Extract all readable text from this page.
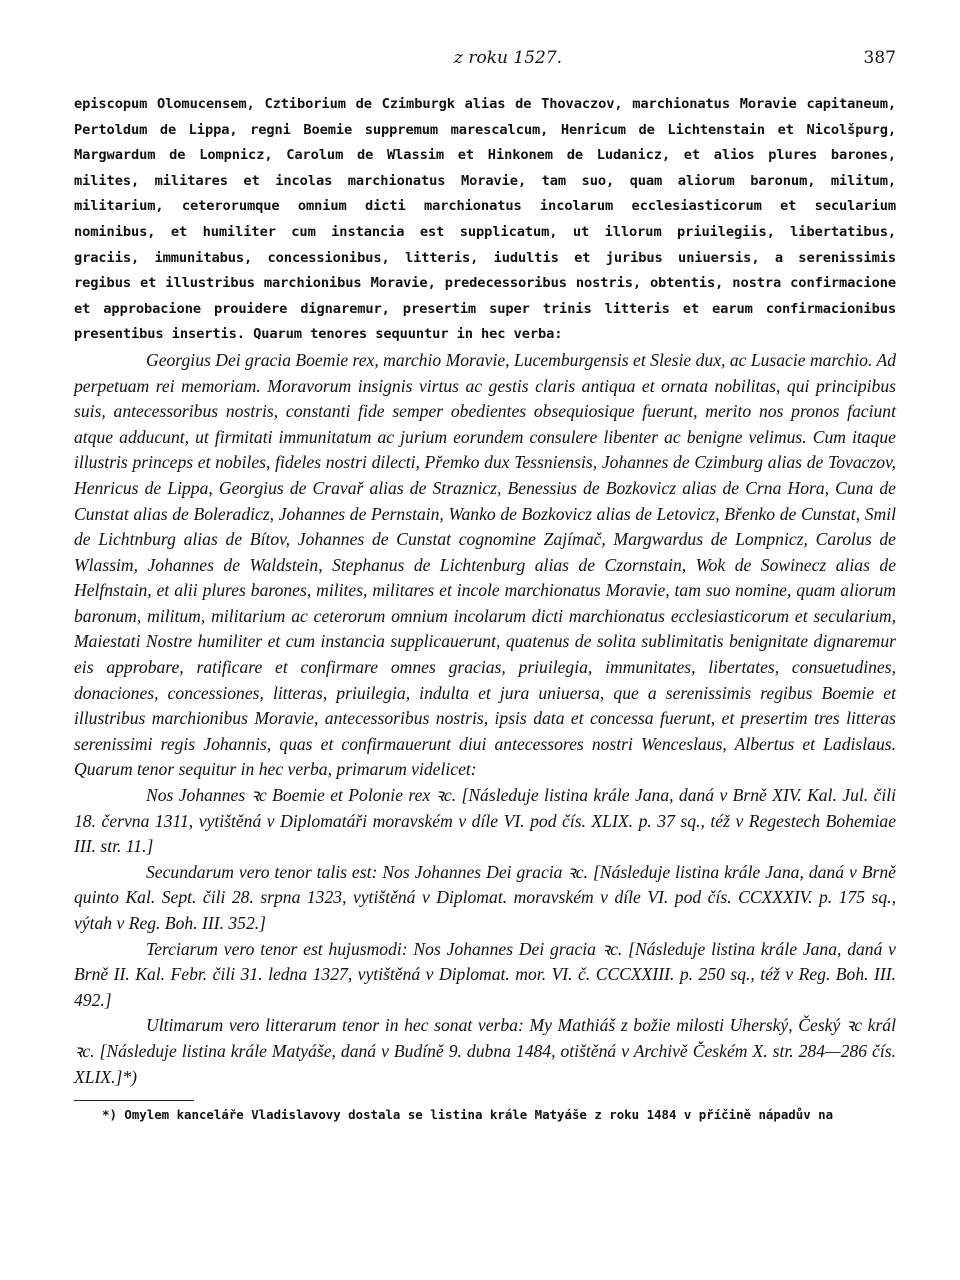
z roku 1527.	387

episcopum Olomucensem, Cztiborium de Czimburgk alias de Thovaczov, marchionatus Moravie capitaneum, Pertoldum de Lippa, regni Boemie suppremum marescalcum, Henricum de Lichtenstain et Nicolšpurg, Margwardum de Lompnicz, Carolum de Wlassim et Hinkonem de Ludanicz, et alios plures barones, milites, militares et incolas marchionatus Moravie, tam suo, quam aliorum baronum, militum, militarium, ceterorumque omnium dicti marchionatus incolarum ecclesiasticorum et secularium nominibus, et humiliter cum instancia est supplicatum, ut illorum priuilegiis, libertatibus, graciis, immunitabus, concessionibus, litteris, iudultis et juribus uniuersis, a serenissimis regibus et illustribus marchionibus Moravie, predecessoribus nostris, obtentis, nostra confirmacione et approbacione prouidere dignaremur, presertim super trinis litteris et earum confirmacionibus presentibus insertis. Quarum tenores sequuntur in hec verba:

Georgius Dei gracia Boemie rex, marchio Moravie, Lucemburgensis et Slesie dux, ac Lusacie marchio. Ad perpetuam rei memoriam. Moravorum insignis virtus ac gestis claris antiqua et ornata nobilitas, qui principibus suis, antecessoribus nostris, constanti fide semper obedientes obsequiosique fuerunt, merito nos pronos faciunt atque adducunt, ut firmitati immunitatum ac jurium eorundem consulere libenter ac benigne velimus. Cum itaque illustris princeps et nobiles, fideles nostri dilecti, Přemko dux Tessniensis, Johannes de Czimburg alias de Tovaczov, Henricus de Lippa, Georgius de Cravař alias de Straznicz, Benessius de Bozkovicz alias de Crna Hora, Cuna de Cunstat alias de Boleradicz, Johannes de Pernstain, Wanko de Bozkovicz alias de Letovicz, Břenko de Cunstat, Smil de Lichtnburg alias de Bítov, Johannes de Cunstat cognomine Zajímač, Margwardus de Lompnicz, Carolus de Wlassim, Johannes de Waldstein, Stephanus de Lichtenburg alias de Czornstain, Wok de Sowinecz alias de Helfnstain, et alii plures barones, milites, militares et incole marchionatus Moravie, tam suo nomine, quam aliorum baronum, militum, militarium ac ceterorum omnium incolarum dicti marchionatus ecclesiasticorum et secularium, Maiestati Nostre humiliter et cum instancia supplicauerunt, quatenus de solita sublimitatis benignitate dignaremur eis approbare, ratificare et confirmare omnes gracias, priuilegia, immunitates, libertates, consuetudines, donaciones, concessiones, litteras, priuilegia, indulta et jura uniuersa, que a serenissimis regibus Boemie et illustribus marchionibus Moravie, antecessoribus nostris, ipsis data et concessa fuerunt, et presertim tres litteras serenissimi regis Johannis, quas et confirmauerunt diui antecessores nostri Wenceslaus, Albertus et Ladislaus. Quarum tenor sequitur in hec verba, primarum videlicet:

Nos Johannes ꝛc Boemie et Polonie rex ꝛc. [Následuje listina krále Jana, daná v Brně XIV. Kal. Jul. čili 18. června 1311, vytištěná v Diplomatáři moravském v díle VI. pod čís. XLIX. p. 37 sq., též v Regestech Bohemiae III. str. 11.]

Secundarum vero tenor talis est: Nos Johannes Dei gracia ꝛc. [Následuje listina krále Jana, daná v Brně quinto Kal. Sept. čili 28. srpna 1323, vytištěná v Diplomat. moravském v díle VI. pod čís. CCXXXIV. p. 175 sq., výtah v Reg. Boh. III. 352.]

Terciarum vero tenor est hujusmodi: Nos Johannes Dei gracia ꝛc. [Následuje listina krále Jana, daná v Brně II. Kal. Febr. čili 31. ledna 1327, vytištěná v Diplomat. mor. VI. č. CCCXXIII. p. 250 sq., též v Reg. Boh. III. 492.]

Ultimarum vero litterarum tenor in hec sonat verba: My Mathiáš z božie milosti Uherský, Český ꝛc král ꝛc. [Následuje listina krále Matyáše, daná v Budíně 9. dubna 1484, otištěná v Archivě Českém X. str. 284—286 čís. XLIX.]*)

*) Omylem kanceláře Vladislavovy dostala se listina krále Matyáše z roku 1484 v příčině nápadův na
